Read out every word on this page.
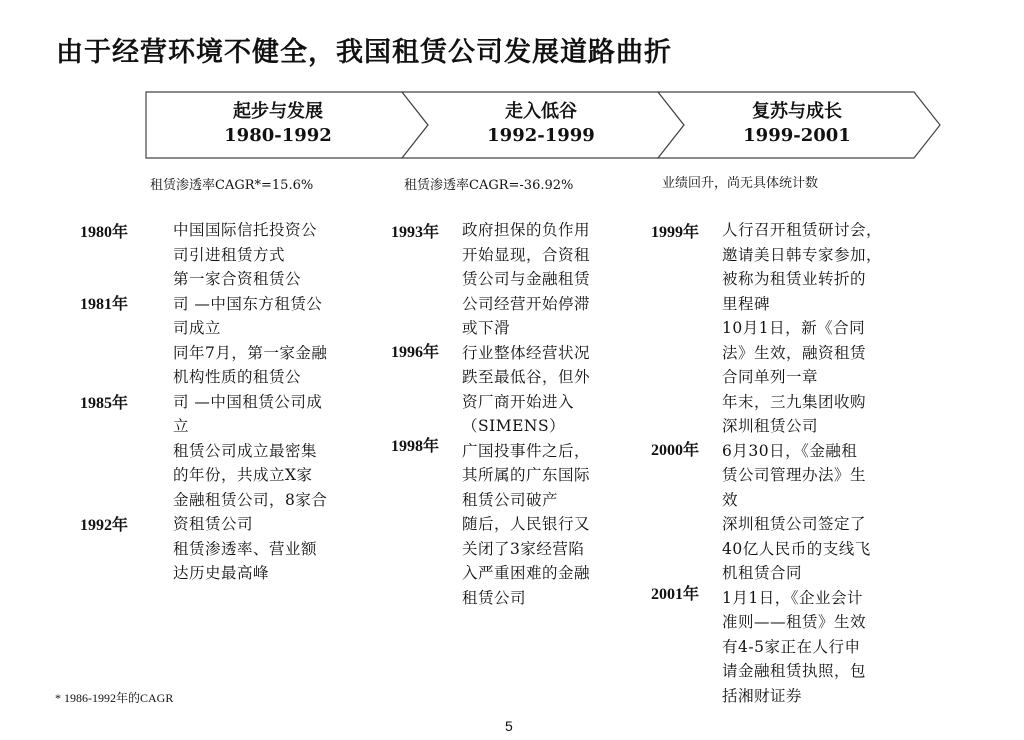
由于经营环境不健全，我国租赁公司发展道路曲折
起步与发展
1980-1992
走入低谷
1992-1999
复苏与成长
1999-2001
租赁渗透率CAGR*=15.6%	租赁渗透率CAGR=-36.92%	业绩回升，尚无具体统计数
1980年
1981年
1985年
1992年
中国国际信托投资公
司引进租赁方式
第一家合资租赁公
司 —中国东方租赁公
司成立
同年7月，第一家金融
机构性质的租赁公
司 —中国租赁公司成
立
租赁公司成立最密集
的年份，共成立X家
金融租赁公司，8家合
资租赁公司
租赁渗透率、营业额
达历史最高峰
1993年
1996年
1998年
政府担保的负作用
开始显现，合资租
赁公司与金融租赁
公司经营开始停滞
或下滑
行业整体经营状况
跌至最低谷，但外
资厂商开始进入
（SIMENS）
广国投事件之后，
其所属的广东国际
租赁公司破产
随后，人民银行又
关闭了3家经营陷
入严重困难的金融
租赁公司
1999年
2000年
2001年
人行召开租赁研讨会，
邀请美日韩专家参加，
被称为租赁业转折的
里程碑
10月1日，新《合同
法》生效，融资租赁
合同单列一章
年末，三九集团收购
深圳租赁公司
6月30日，《金融租
赁公司管理办法》生
效
深圳租赁公司签定了
40亿人民币的支线飞
机租赁合同
1月1日，《企业会计
准则——租赁》生效
有4-5家正在人行申
请金融租赁执照，包
括湘财证券
* 1986-1992年的CAGR
5
